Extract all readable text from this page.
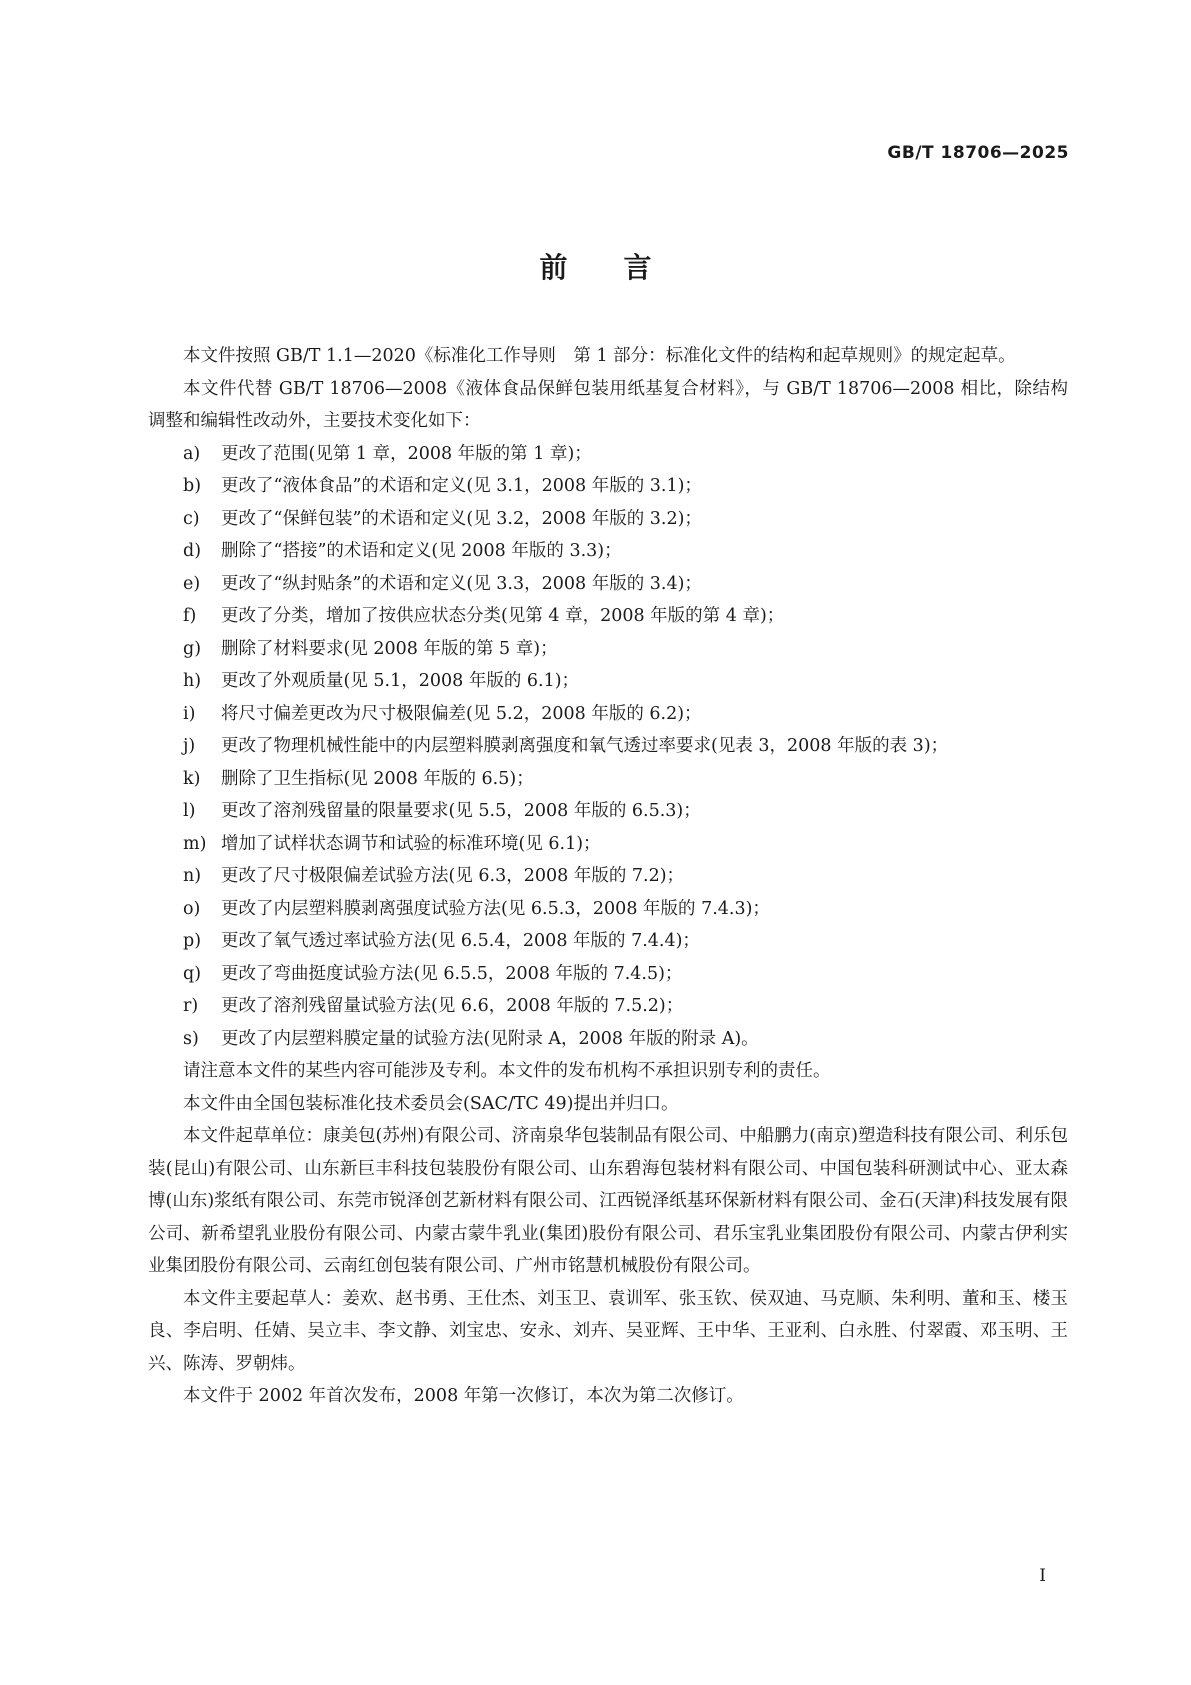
GB/T 18706—2025
前言

本文件按照 GB/T 1.1—2020《标准化工作导则　第 1 部分：标准化文件的结构和起草规则》的规定起草。

本文件代替 GB/T 18706—2008《液体食品保鲜包装用纸基复合材料》，与 GB/T 18706—2008 相比，除结构调整和编辑性改动外，主要技术变化如下：

a) 更改了范围(见第 1 章，2008 年版的第 1 章)；

b) 更改了“液体食品”的术语和定义(见 3.1，2008 年版的 3.1)；

c) 更改了“保鲜包装”的术语和定义(见 3.2，2008 年版的 3.2)；

d) 删除了“搭接”的术语和定义(见 2008 年版的 3.3)；

e) 更改了“纵封贴条”的术语和定义(见 3.3，2008 年版的 3.4)；

f) 更改了分类，增加了按供应状态分类(见第 4 章，2008 年版的第 4 章)；

g) 删除了材料要求(见 2008 年版的第 5 章)；

h) 更改了外观质量(见 5.1，2008 年版的 6.1)；

i) 将尺寸偏差更改为尺寸极限偏差(见 5.2，2008 年版的 6.2)；

j) 更改了物理机械性能中的内层塑料膜剥离强度和氧气透过率要求(见表 3，2008 年版的表 3)；

k) 删除了卫生指标(见 2008 年版的 6.5)；

l) 更改了溶剂残留量的限量要求(见 5.5，2008 年版的 6.5.3)；

m) 增加了试样状态调节和试验的标准环境(见 6.1)；

n) 更改了尺寸极限偏差试验方法(见 6.3，2008 年版的 7.2)；

o) 更改了内层塑料膜剥离强度试验方法(见 6.5.3，2008 年版的 7.4.3)；

p) 更改了氧气透过率试验方法(见 6.5.4，2008 年版的 7.4.4)；

q) 更改了弯曲挺度试验方法(见 6.5.5，2008 年版的 7.4.5)；

r) 更改了溶剂残留量试验方法(见 6.6，2008 年版的 7.5.2)；

s) 更改了内层塑料膜定量的试验方法(见附录 A，2008 年版的附录 A)。

请注意本文件的某些内容可能涉及专利。本文件的发布机构不承担识别专利的责任。

本文件由全国包装标准化技术委员会(SAC/TC 49)提出并归口。

本文件起草单位：康美包(苏州)有限公司、济南泉华包装制品有限公司、中船鹏力(南京)塑造科技有限公司、利乐包装(昆山)有限公司、山东新巨丰科技包装股份有限公司、山东碧海包装材料有限公司、中国包装科研测试中心、亚太森博(山东)浆纸有限公司、东莞市锐泽创艺新材料有限公司、江西锐泽纸基环保新材料有限公司、金石(天津)科技发展有限公司、新希望乳业股份有限公司、内蒙古蒙牛乳业(集团)股份有限公司、君乐宝乳业集团股份有限公司、内蒙古伊利实业集团股份有限公司、云南红创包装有限公司、广州市铭慧机械股份有限公司。

本文件主要起草人：姜欢、赵书勇、王仕杰、刘玉卫、袁训军、张玉钦、侯双迪、马克顺、朱利明、董和玉、楼玉良、李启明、任婧、吴立丰、李文静、刘宝忠、安永、刘卉、吴亚辉、王中华、王亚利、白永胜、付翠霞、邓玉明、王兴、陈涛、罗朝炜。

本文件于 2002 年首次发布，2008 年第一次修订，本次为第二次修订。

I
